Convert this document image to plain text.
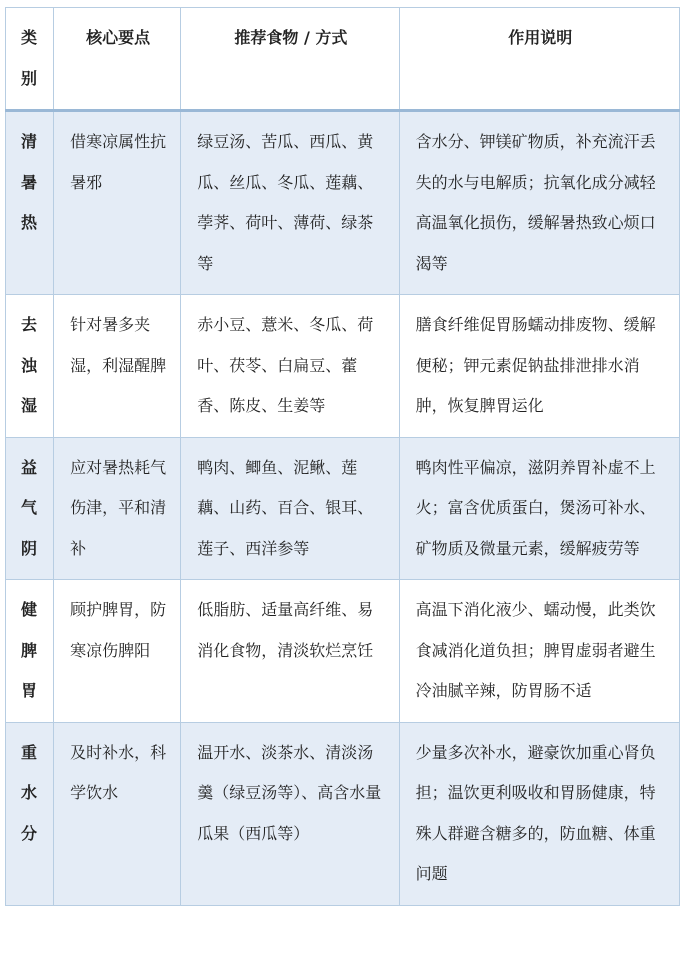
类别	核心要点	推荐食物 / 方式	作用说明

清暑热	借寒凉属性抗暑邪	绿豆汤、苦瓜、西瓜、黄瓜、丝瓜、冬瓜、莲藕、荸荠、荷叶、薄荷、绿茶等	含水分、钾镁矿物质，补充流汗丢失的水与电解质；抗氧化成分减轻高温氧化损伤，缓解暑热致心烦口渴等

去浊湿	针对暑多夹湿，利湿醒脾	赤小豆、薏米、冬瓜、荷叶、茯苓、白扁豆、藿香、陈皮、生姜等	膳食纤维促胃肠蠕动排废物、缓解便秘；钾元素促钠盐排泄排水消肿，恢复脾胃运化

益气阴	应对暑热耗气伤津，平和清补	鸭肉、鲫鱼、泥鳅、莲藕、山药、百合、银耳、莲子、西洋参等	鸭肉性平偏凉，滋阴养胃补虚不上火；富含优质蛋白，煲汤可补水、矿物质及微量元素，缓解疲劳等

健脾胃	顾护脾胃，防寒凉伤脾阳	低脂肪、适量高纤维、易消化食物，清淡软烂烹饪	高温下消化液少、蠕动慢，此类饮食减消化道负担；脾胃虚弱者避生冷油腻辛辣，防胃肠不适

重水分	及时补水，科学饮水	温开水、淡茶水、清淡汤羹（绿豆汤等）、高含水量瓜果（西瓜等）	少量多次补水，避豪饮加重心肾负担；温饮更利吸收和胃肠健康，特殊人群避含糖多的，防血糖、体重问题
